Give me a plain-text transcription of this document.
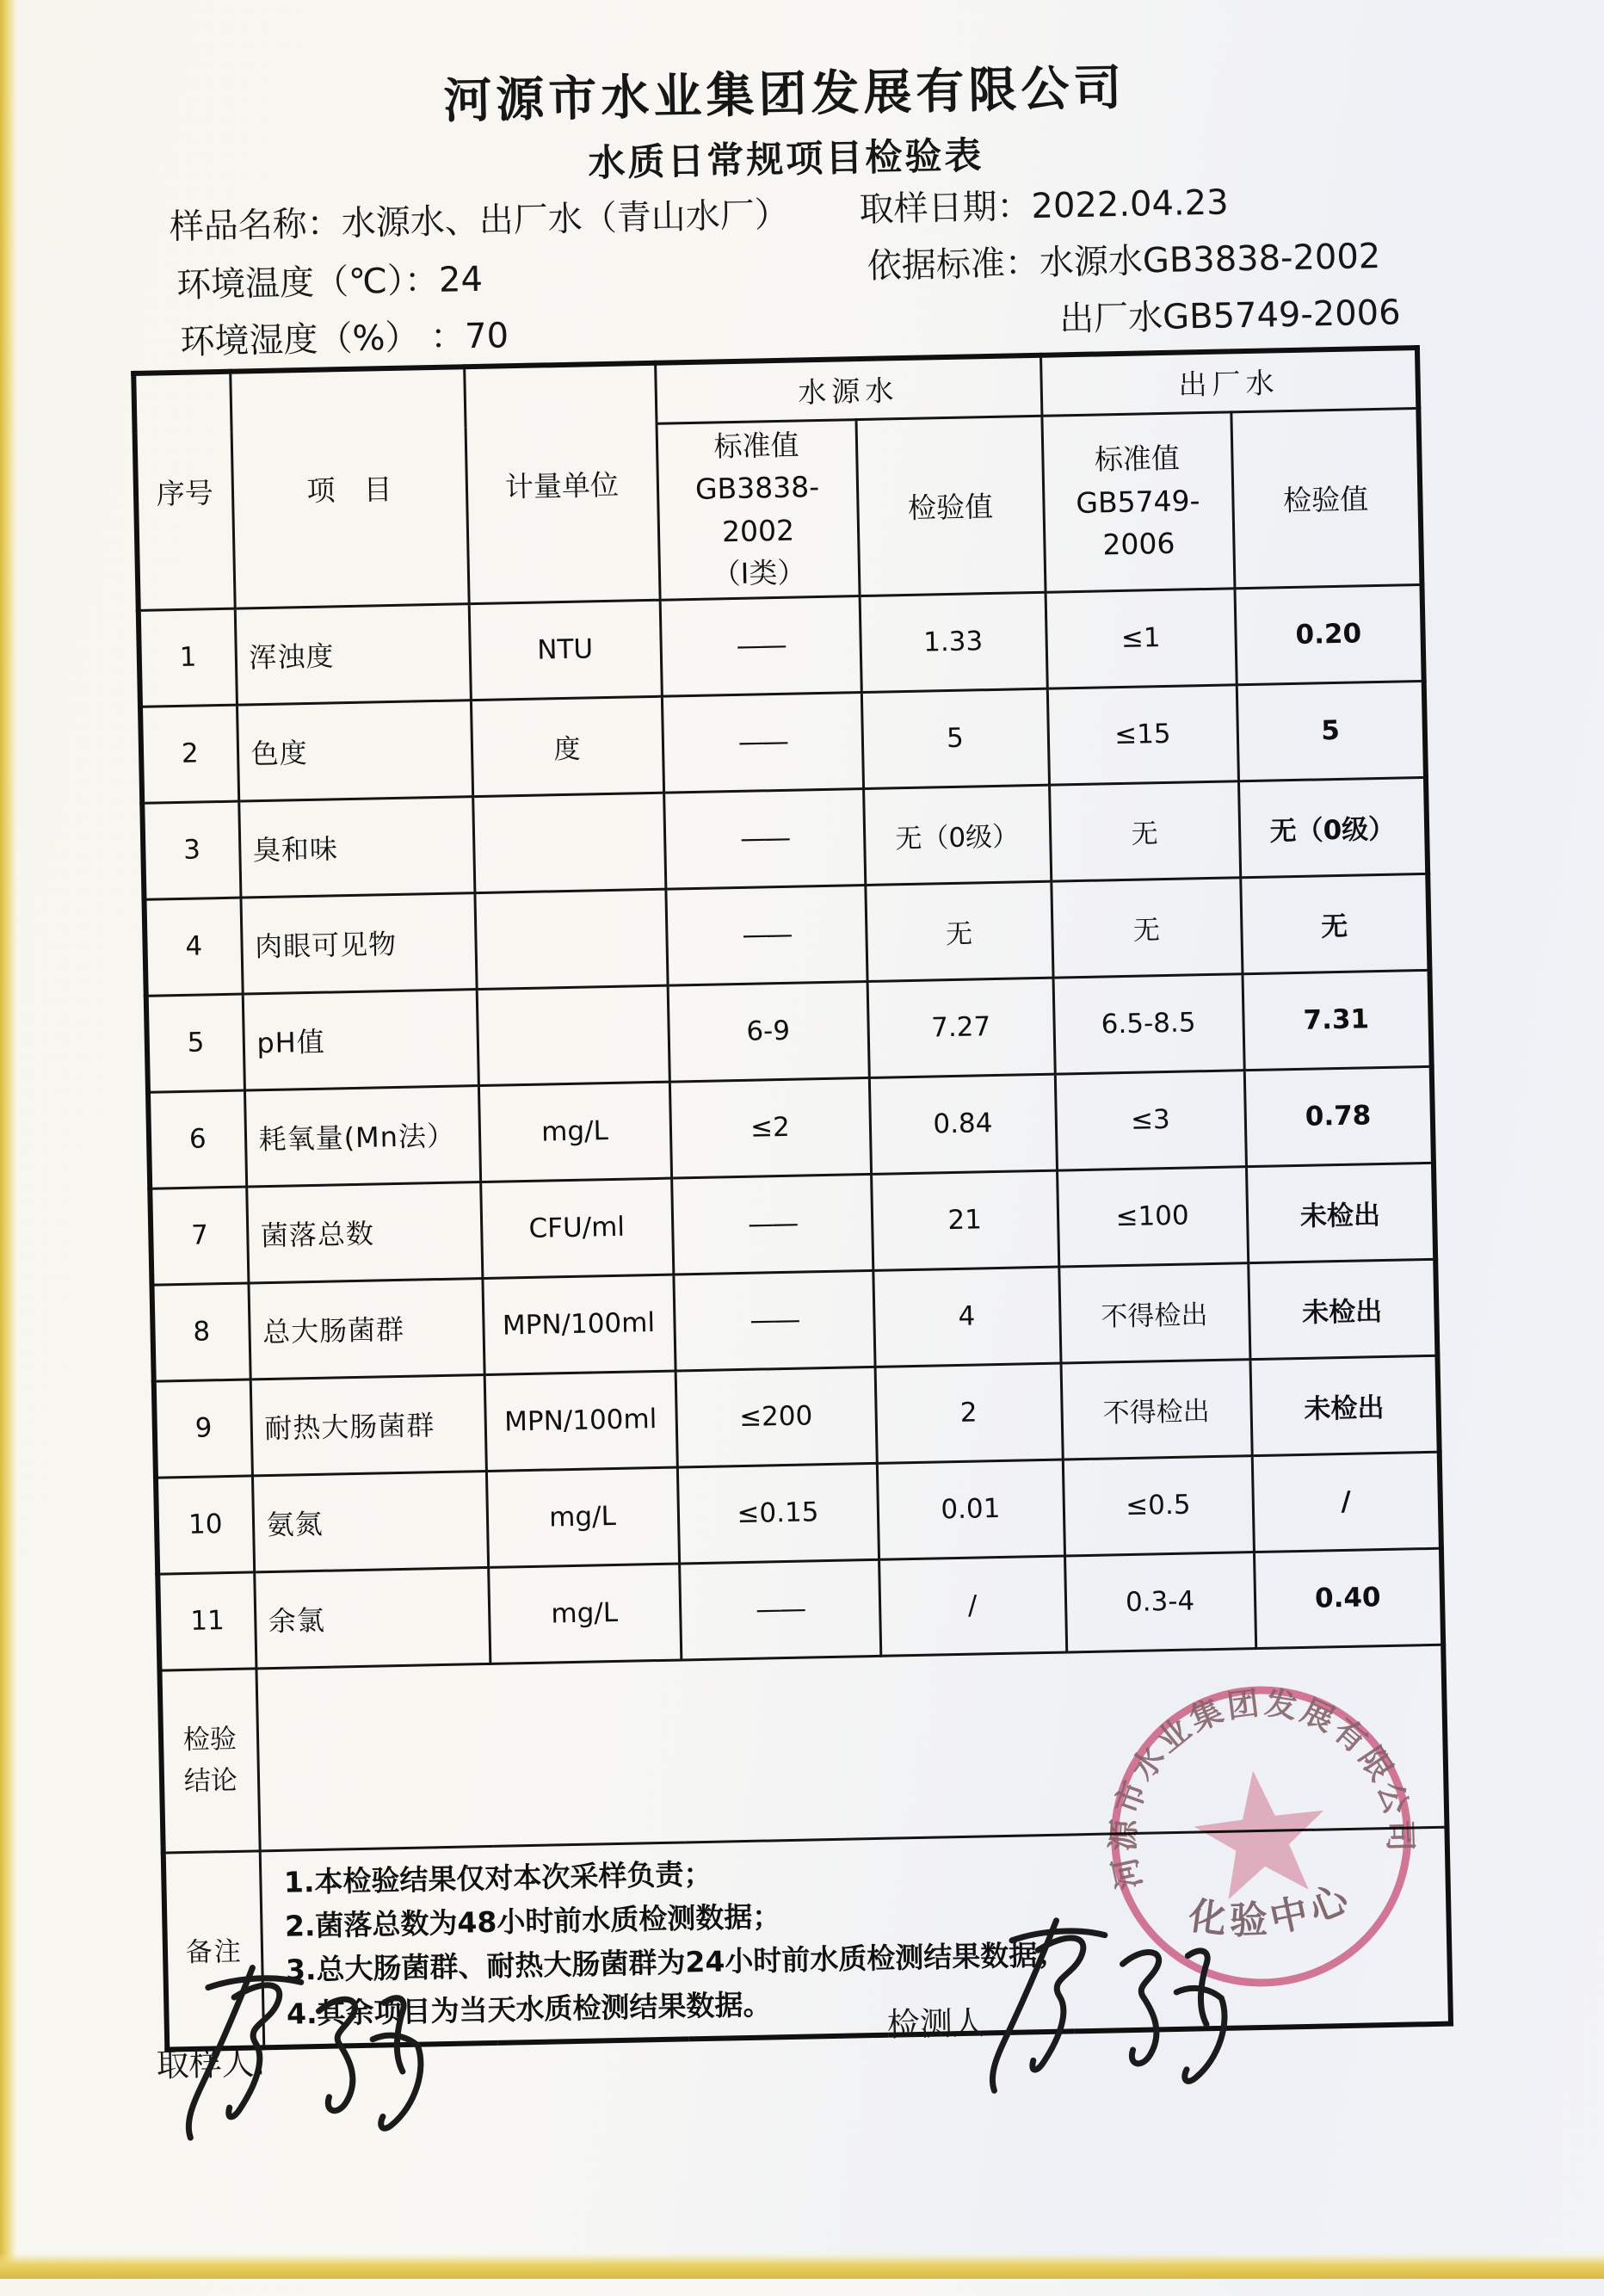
河源市水业集团发展有限公司
水质日常规项目检验表
样品名称：水源水、出厂水（青山水厂） 取样日期：2022.04.23
环境温度（℃）：24	依据标准：水源水GB3838-2002
环境湿度（%） ：70	出厂水GB5749-2006
序号	项　目	计量单位	水源水		出厂水	

标准值
GB3838-2002
（I类）
	检验值	
标准值
GB5749-2006
	检验值
1	浑浊度	NTU	——	1.33	≤1	0.20
2	色度	度	——	5	≤15	5
3	臭和味		——	无（0级）	无	无（0级）
4	肉眼可见物		——	无	无	无
5	pH值		6-9	7.27	6.5-8.5	7.31
6	耗氧量(Mn法）	mg/L	≤2	0.84	≤3	0.78
7	菌落总数	CFU/ml	——	21	≤100	未检出
8	总大肠菌群	MPN/100ml	——	4	不得检出	未检出
9	耐热大肠菌群	MPN/100ml	≤200	2	不得检出	未检出
10	氨氮	mg/L	≤0.15	0.01	≤0.5	/
11	余氯	mg/L	——	/	0.3-4	0.40

检验
结论						

备注	1.本检验结果仅对本次采样负责；
2.菌落总数为48小时前水质检测数据；
3.总大肠菌群、耐热大肠菌群为24小时前水质检测结果数据；
4.其余项目为当天水质检测结果数据。					
取样人:
检测人
河源市水业集团发展有限公司
化验中心
